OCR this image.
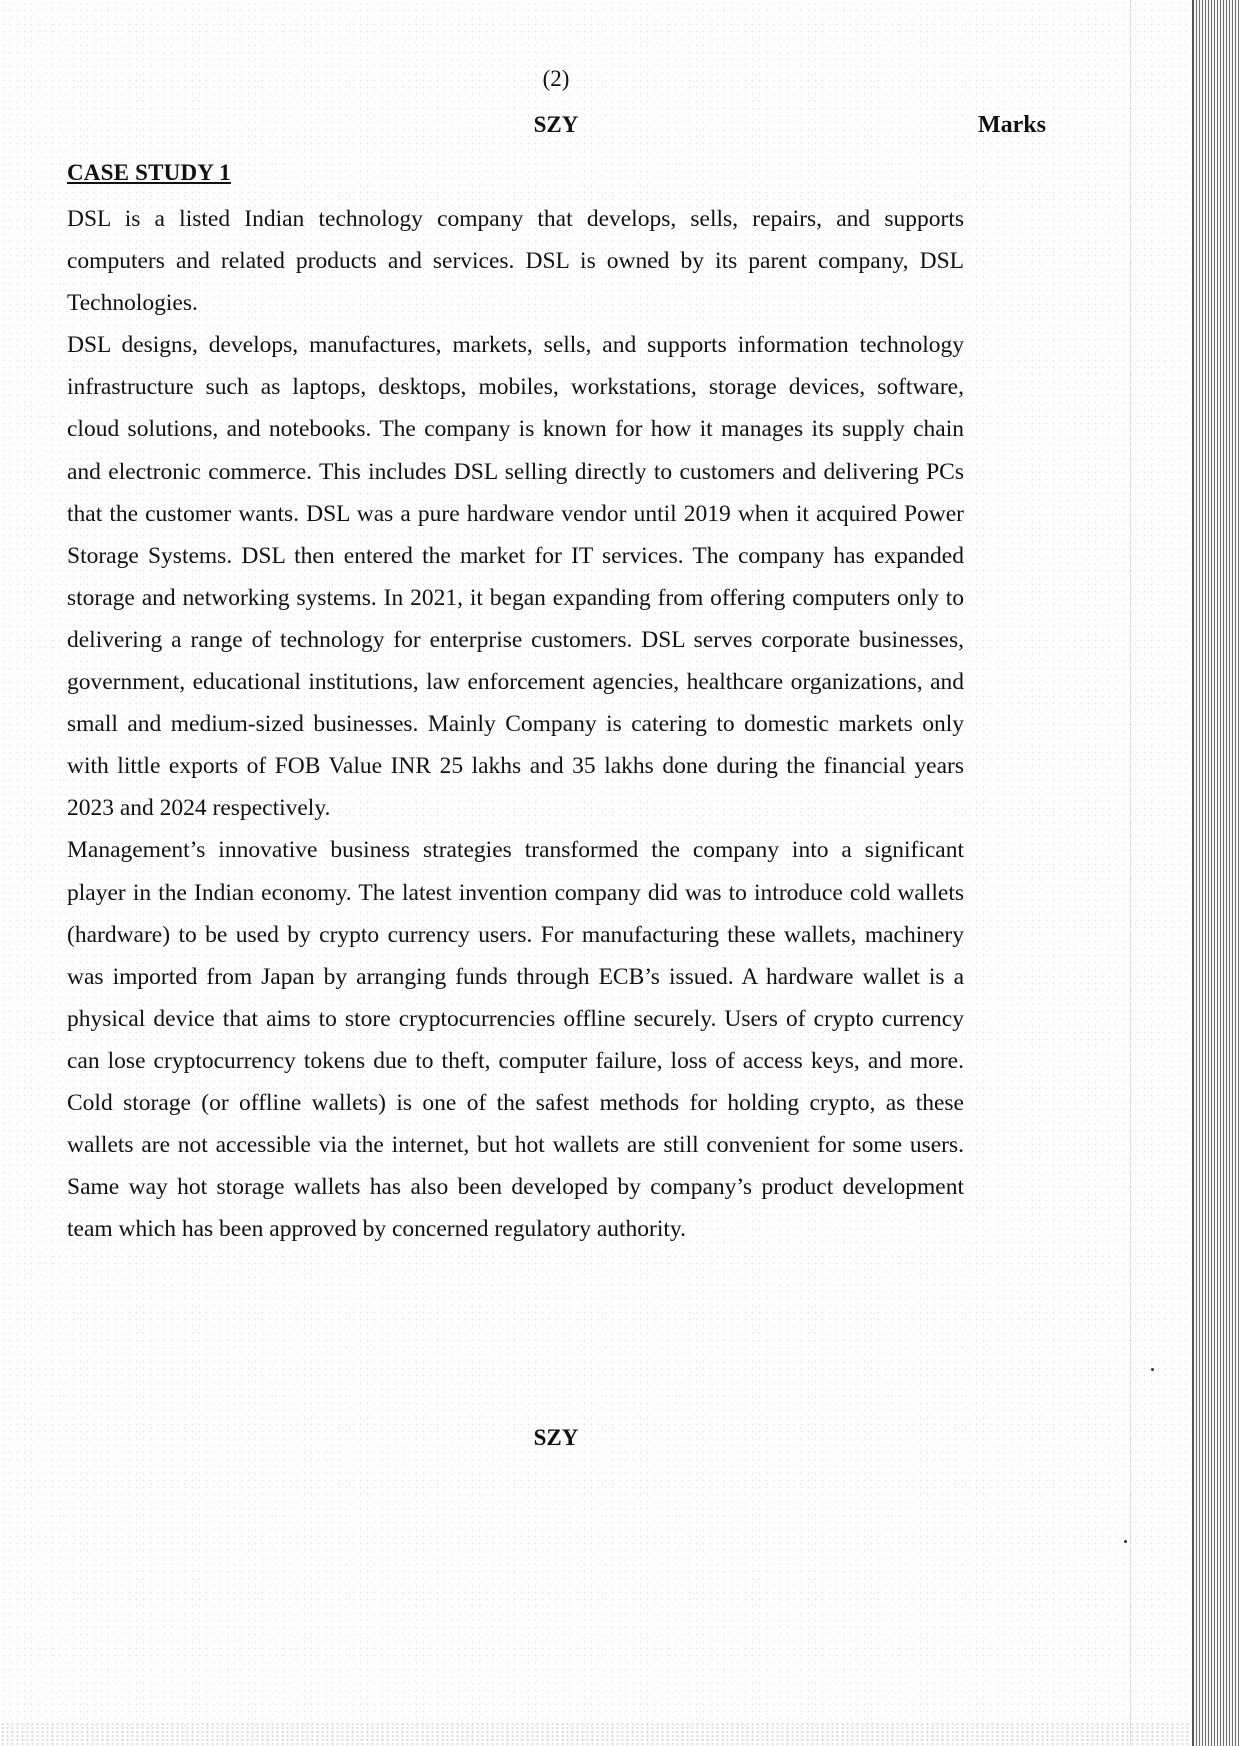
(2)
SZY	Marks
CASE STUDY 1

DSL is a listed Indian technology company that develops, sells, repairs, and supports computers and related products and services. DSL is owned by its parent company, DSL Technologies.

DSL designs, develops, manufactures, markets, sells, and supports information technology infrastructure such as laptops, desktops, mobiles, workstations, storage devices, software, cloud solutions, and notebooks. The company is known for how it manages its supply chain and electronic commerce. This includes DSL selling directly to customers and delivering PCs that the customer wants. DSL was a pure hardware vendor until 2019 when it acquired Power Storage Systems. DSL then entered the market for IT services. The company has expanded storage and networking systems. In 2021, it began expanding from offering computers only to delivering a range of technology for enterprise customers. DSL serves corporate businesses, government, educational institutions, law enforcement agencies, healthcare organizations, and small and medium-sized businesses. Mainly Company is catering to domestic markets only with little exports of FOB Value INR 25 lakhs and 35 lakhs done during the financial years 2023 and 2024 respectively.

Management’s innovative business strategies transformed the company into a significant player in the Indian economy. The latest invention company did was to introduce cold wallets (hardware) to be used by crypto currency users. For manufacturing these wallets, machinery was imported from Japan by arranging funds through ECB’s issued. A hardware wallet is a physical device that aims to store cryptocurrencies offline securely. Users of crypto currency can lose cryptocurrency tokens due to theft, computer failure, loss of access keys, and more. Cold storage (or offline wallets) is one of the safest methods for holding crypto, as these wallets are not accessible via the internet, but hot wallets are still convenient for some users. Same way hot storage wallets has also been developed by company’s product development team which has been approved by concerned regulatory authority.

SZY
